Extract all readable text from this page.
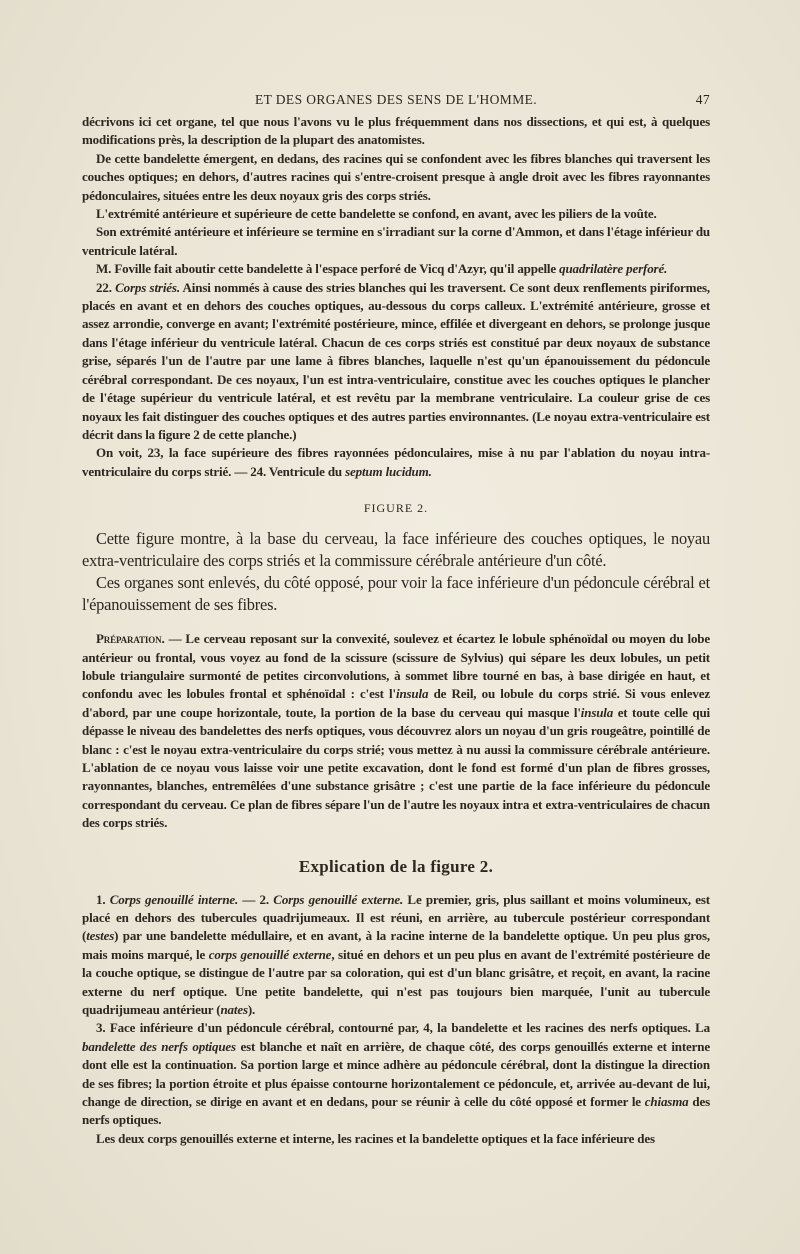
ET DES ORGANES DES SENS DE L'HOMME.	47

décrivons ici cet organe, tel que nous l'avons vu le plus fréquemment dans nos dissections, et qui est, à quelques modifications près, la description de la plupart des anatomistes.

De cette bandelette émergent, en dedans, des racines qui se confondent avec les fibres blanches qui traversent les couches optiques; en dehors, d'autres racines qui s'entre-croisent presque à angle droit avec les fibres rayonnantes pédonculaires, situées entre les deux noyaux gris des corps striés.

L'extrémité antérieure et supérieure de cette bandelette se confond, en avant, avec les piliers de la voûte.

Son extrémité antérieure et inférieure se termine en s'irradiant sur la corne d'Ammon, et dans l'étage inférieur du ventricule latéral.

M. Foville fait aboutir cette bandelette à l'espace perforé de Vicq d'Azyr, qu'il appelle quadrilatère perforé.

22. Corps striés. Ainsi nommés à cause des stries blanches qui les traversent. Ce sont deux renflements piriformes, placés en avant et en dehors des couches optiques, au-dessous du corps calleux. L'extrémité antérieure, grosse et assez arrondie, converge en avant; l'extrémité postérieure, mince, effilée et divergeant en dehors, se prolonge jusque dans l'étage inférieur du ventricule latéral. Chacun de ces corps striés est constitué par deux noyaux de substance grise, séparés l'un de l'autre par une lame à fibres blanches, laquelle n'est qu'un épanouissement du pédoncule cérébral correspondant. De ces noyaux, l'un est intra-ventriculaire, constitue avec les couches optiques le plancher de l'étage supérieur du ventricule latéral, et est revêtu par la membrane ventriculaire. La couleur grise de ces noyaux les fait distinguer des couches optiques et des autres parties environnantes. (Le noyau extra-ventriculaire est décrit dans la figure 2 de cette planche.)

On voit, 23, la face supérieure des fibres rayonnées pédonculaires, mise à nu par l'ablation du noyau intra-ventriculaire du corps strié. — 24. Ventricule du septum lucidum.

FIGURE 2.

Cette figure montre, à la base du cerveau, la face inférieure des couches optiques, le noyau extra-ventriculaire des corps striés et la commissure cérébrale antérieure d'un côté.

Ces organes sont enlevés, du côté opposé, pour voir la face inférieure d'un pédoncule cérébral et l'épanouissement de ses fibres.

Préparation. — Le cerveau reposant sur la convexité, soulevez et écartez le lobule sphénoïdal ou moyen du lobe antérieur ou frontal, vous voyez au fond de la scissure (scissure de Sylvius) qui sépare les deux lobules, un petit lobule triangulaire surmonté de petites circonvolutions, à sommet libre tourné en bas, à base dirigée en haut, et confondu avec les lobules frontal et sphénoïdal : c'est l'insula de Reil, ou lobule du corps strié. Si vous enlevez d'abord, par une coupe horizontale, toute, la portion de la base du cerveau qui masque l'insula et toute celle qui dépasse le niveau des bandelettes des nerfs optiques, vous découvrez alors un noyau d'un gris rougeâtre, pointillé de blanc : c'est le noyau extra-ventriculaire du corps strié; vous mettez à nu aussi la commissure cérébrale antérieure. L'ablation de ce noyau vous laisse voir une petite excavation, dont le fond est formé d'un plan de fibres grosses, rayonnantes, blanches, entremêlées d'une substance grisâtre ; c'est une partie de la face inférieure du pédoncule correspondant du cerveau. Ce plan de fibres sépare l'un de l'autre les noyaux intra et extra-ventriculaires de chacun des corps striés.

Explication de la figure 2.

1. Corps genouillé interne. — 2. Corps genouillé externe. Le premier, gris, plus saillant et moins volumineux, est placé en dehors des tubercules quadrijumeaux. Il est réuni, en arrière, au tubercule postérieur correspondant (testes) par une bandelette médullaire, et en avant, à la racine interne de la bandelette optique. Un peu plus gros, mais moins marqué, le corps genouillé externe, situé en dehors et un peu plus en avant de l'extrémité postérieure de la couche optique, se distingue de l'autre par sa coloration, qui est d'un blanc grisâtre, et reçoit, en avant, la racine externe du nerf optique. Une petite bandelette, qui n'est pas toujours bien marquée, l'unit au tubercule quadrijumeau antérieur (nates).

3. Face inférieure d'un pédoncule cérébral, contourné par, 4, la bandelette et les racines des nerfs optiques. La bandelette des nerfs optiques est blanche et naît en arrière, de chaque côté, des corps genouillés externe et interne dont elle est la continuation. Sa portion large et mince adhère au pédoncule cérébral, dont la distingue la direction de ses fibres; la portion étroite et plus épaisse contourne horizontalement ce pédoncule, et, arrivée au-devant de lui, change de direction, se dirige en avant et en dedans, pour se réunir à celle du côté opposé et former le chiasma des nerfs optiques.

Les deux corps genouillés externe et interne, les racines et la bandelette optiques et la face inférieure des
